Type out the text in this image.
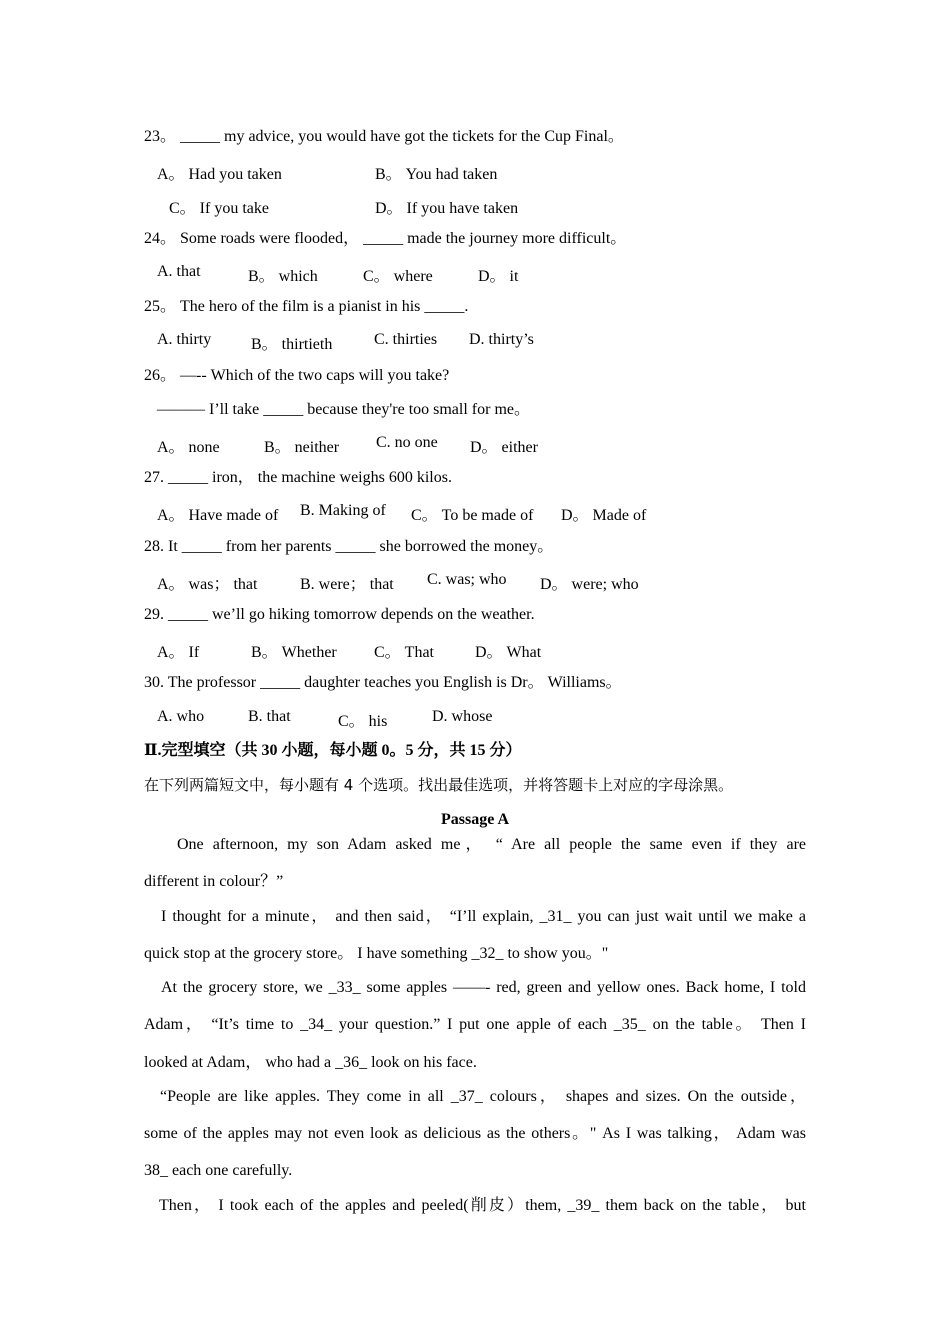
23。 _____ my advice, you would have got the tickets for the Cup Final。
A。 Had you taken	B。 You had taken
C。 If you take	D。 If you have taken
24。 Some roads were flooded， _____ made the journey more difficult。
A. that	B。 which	C。 where	D。 it
25。 The hero of the film is a pianist in his _____.
A. thirty B。 thirtieth	C. thirties D. thirty’s
26。 —-- Which of the two caps will you take?
——— I’ll take _____ because they're too small for me。
A。 none	B。 neither C. no one D。 either
27. _____ iron， the machine weighs 600 kilos.
A。 Have made of B. Making of C。 To be made of D。 Made of
28. It _____ from her parents _____ she borrowed the money。
A。 was； that	B. were； that C. was; who D。 were; who
29. _____ we’ll go hiking tomorrow depends on the weather.
A。 If	B。 Whether C。 That	D。 What
30. The professor _____ daughter teaches you English is Dr。 Williams。
A. who	B. that	C。 his	D. whose
Ⅱ.完型填空（共 30 小题，每小题 0。5 分，共 15 分）
在下列两篇短文中，每小题有 4 个选项。找出最佳选项，并将答题卡上对应的字母涂黑。
Passage A
One afternoon, my son Adam asked me， “ Are all people the same even if they are
different in colour？”
I thought for a minute， and then said， “I’ll explain, _31_ you can just wait until we make a
quick stop at the grocery store。 I have something _32_ to show you。"
At the grocery store, we _33_ some apples ——- red, green and yellow ones. Back home, I told
Adam， “It’s time to _34_ your question.” I put one apple of each _35_ on the table。 Then I
looked at Adam， who had a _36_ look on his face.
“People are like apples. They come in all _37_ colours， shapes and sizes. On the outside，
some of the apples may not even look as delicious as the others。" As I was talking， Adam was
38_ each one carefully.
Then， I took each of the apples and peeled(削皮）them, _39_ them back on the table， but
